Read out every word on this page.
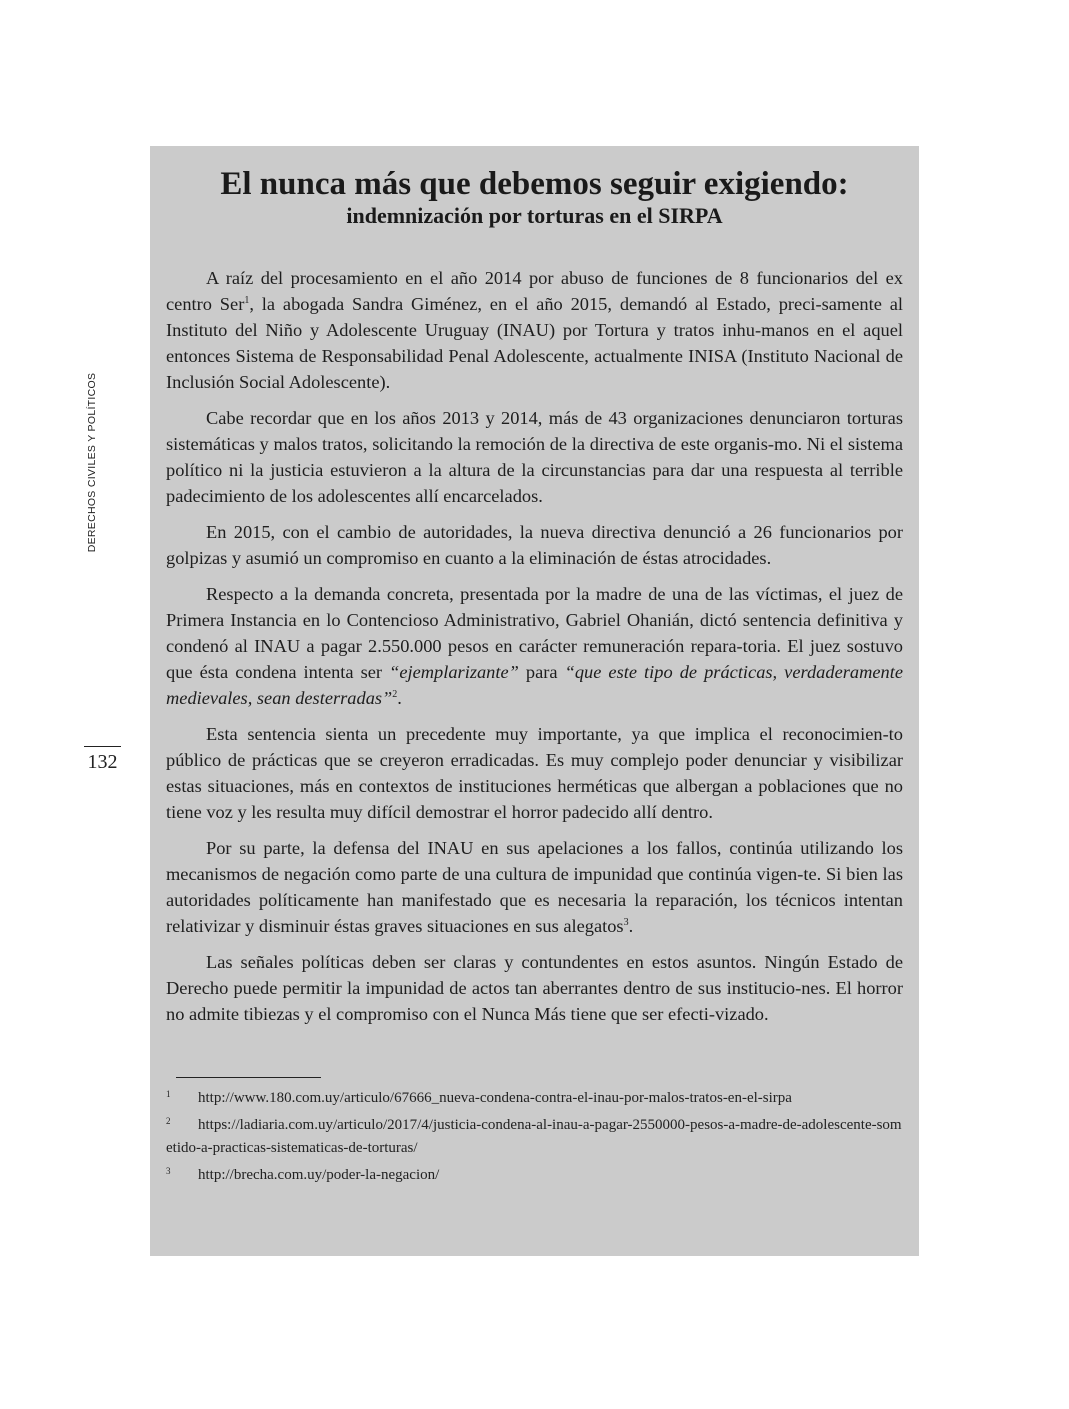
DERECHOS CIVILES Y POLÍTICOS
132
El nunca más que debemos seguir exigiendo:
indemnización por torturas en el SIRPA

A raíz del procesamiento en el año 2014 por abuso de funciones de 8 funcionarios del ex centro Ser$^1$, la abogada Sandra Giménez, en el año 2015, demandó al Estado, preci-samente al Instituto del Niño y Adolescente Uruguay (INAU) por Tortura y tratos inhu-manos en el aquel entonces Sistema de Responsabilidad Penal Adolescente, actualmente INISA (Instituto Nacional de Inclusión Social Adolescente).

Cabe recordar que en los años 2013 y 2014, más de 43 organizaciones denunciaron torturas sistemáticas y malos tratos, solicitando la remoción de la directiva de este organis-mo. Ni el sistema político ni la justicia estuvieron a la altura de la circunstancias para dar una respuesta al terrible padecimiento de los adolescentes allí encarcelados.

En 2015, con el cambio de autoridades, la nueva directiva denunció a 26 funcionarios por golpizas y asumió un compromiso en cuanto a la eliminación de éstas atrocidades.

Respecto a la demanda concreta, presentada por la madre de una de las víctimas, el juez de Primera Instancia en lo Contencioso Administrativo, Gabriel Ohanián, dictó sentencia definitiva y condenó al INAU a pagar 2.550.000 pesos en carácter remuneración repara-toria. El juez sostuvo que ésta condena intenta ser “ejemplarizante” para “que este tipo de prácticas, verdaderamente medievales, sean desterradas”$^2$.

Esta sentencia sienta un precedente muy importante, ya que implica el reconocimien-to público de prácticas que se creyeron erradicadas. Es muy complejo poder denunciar y visibilizar estas situaciones, más en contextos de instituciones herméticas que albergan a poblaciones que no tiene voz y les resulta muy difícil demostrar el horror padecido allí dentro.

Por su parte, la defensa del INAU en sus apelaciones a los fallos, continúa utilizando los mecanismos de negación como parte de una cultura de impunidad que continúa vigen-te. Si bien las autoridades políticamente han manifestado que es necesaria la reparación, los técnicos intentan relativizar y disminuir éstas graves situaciones en sus alegatos$^3$.

Las señales políticas deben ser claras y contundentes en estos asuntos. Ningún Estado de Derecho puede permitir la impunidad de actos tan aberrantes dentro de sus institucio-nes. El horror no admite tibiezas y el compromiso con el Nunca Más tiene que ser efecti-vizado.

1 http://www.180.com.uy/articulo/67666_nueva-condena-contra-el-inau-por-malos-tratos-en-el-sirpa
2 https://ladiaria.com.uy/articulo/2017/4/justicia-condena-al-inau-a-pagar-2550000-pesos-a-madre-de-adolescente-sometido-a-practicas-sistematicas-de-torturas/
3 http://brecha.com.uy/poder-la-negacion/
